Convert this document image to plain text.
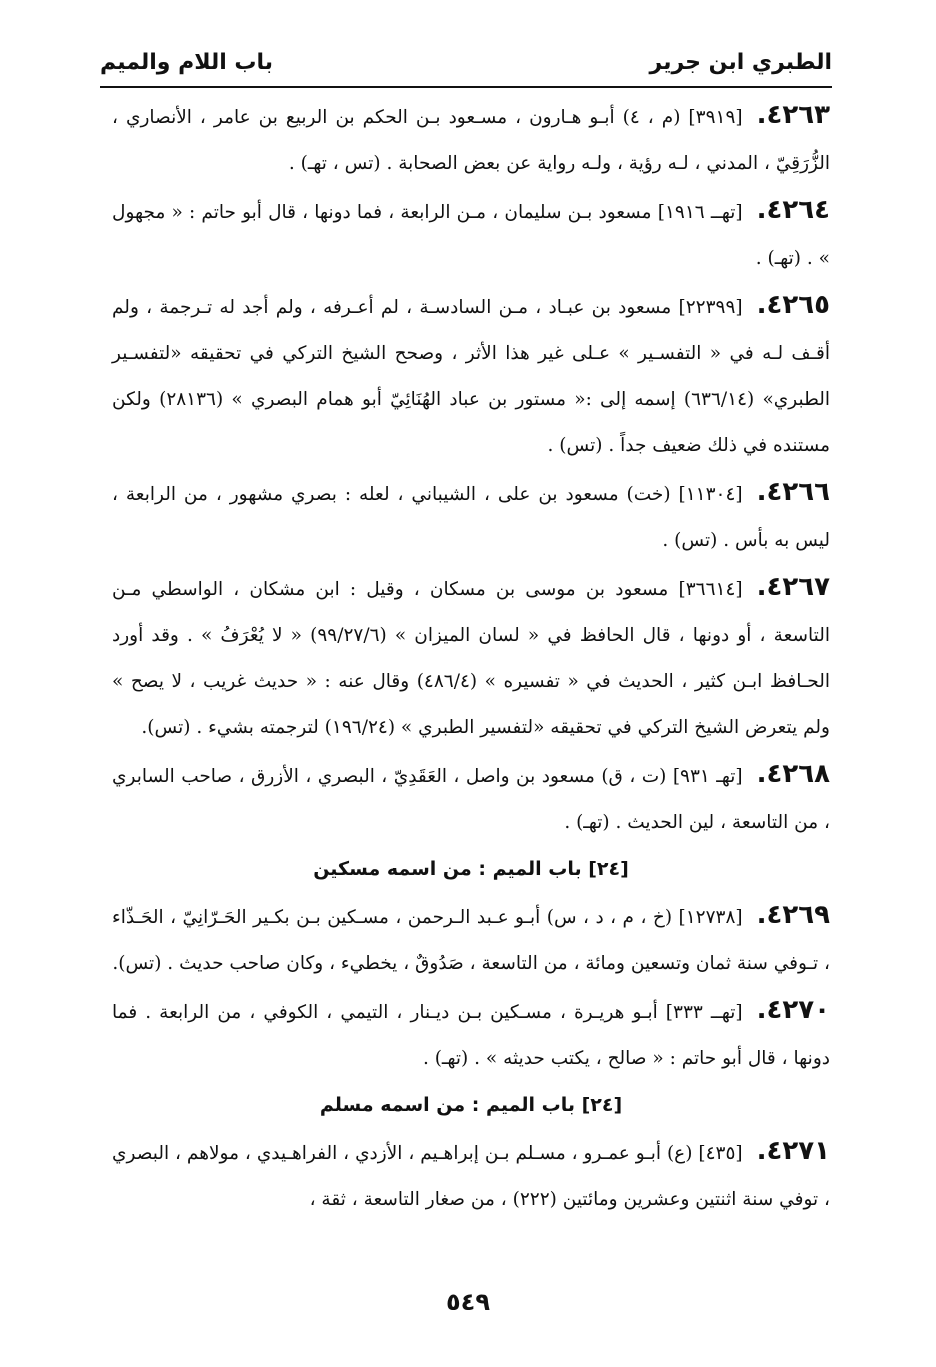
الطبري ابن جرير
باب اللام والميم

٤٢٦٣.[٣٩١٩] (م ، ٤) أبـو هـارون ، مسـعود بـن الحكم بن الربيع بن عامر ، الأنصاري ، الزُّرَقِيّ ، المدني ، لـه رؤية ، ولـه رواية عن بعض الصحابة . (تس ، تهـ) .

٤٢٦٤.[تهــ ١٩١٦] مسعود بـن سليمان ، مـن الرابعة ، فما دونها ، قال أبو حاتم : « مجهول » . (تهـ) .

٤٢٦٥.[٢٢٣٩٩] مسعود بن عبـاد ، مـن السادسـة ، لم أعـرفه ، ولم أجد له تـرجمة ، ولم أقـف لـه في « التفسـير » عـلى غير هذا الأثر ، وصحح الشيخ التركي في تحقيقه «لتفسـير الطبري» (٦٣٦/١٤) إسمه إلى :« مستور بن عباد الهُنَائِيّ أبو همام البصري » (٢٨١٣٦) ولكن مستنده في ذلك ضعيف جداً . (تس) .

٤٢٦٦.[١١٣٠٤] (خت) مسعود بن على ، الشيباني ، لعله : بصري مشهور ، من الرابعة ، ليس به بأس . (تس) .

٤٢٦٧.[٣٦٦١٤] مسعود بن موسى بن مسكان ، وقيل : ابن مشكان ، الواسطي مـن التاسعة ، أو دونها ، قال الحافظ في « لسان الميزان » (٩٩/٢٧/٦) « لا يُعْرَفُ » . وقد أورد الحـافظ ابـن كثير ، الحديث في « تفسيره » (٤٨٦/٤) وقال عنه : « حديث غريب ، لا يصح » ولم يتعرض الشيخ التركي في تحقيقه «لتفسير الطبري » (١٩٦/٢٤) لترجمته بشيء . (تس).

٤٢٦٨.[تهـ ٩٣١] (ت ، ق) مسعود بن واصل ، العَقَدِيّ ، البصري ، الأزرق ، صاحب السابري ، من التاسعة ، لين الحديث . (تهـ) .

[٢٤] باب الميم : من اسمه مسكين

٤٢٦٩.[١٢٧٣٨] (خ ، م ، د ، س) أبـو عـبد الـرحمن ، مسـكين بـن بكـير الحَـرّانِيّ ، الحَـذّاء ، تـوفي سنة ثمان وتسعين ومائة ، من التاسعة ، صَدُوقٌ ، يخطيء ، وكان صاحب حديث . (تس).

٤٢٧٠.[تهــ ٣٣٣] أبـو هريـرة ، مسـكين بـن ديـنار ، التيمي ، الكوفي ، من الرابعة . فما دونها ، قال أبو حاتم : « صالح ، يكتب حديثه » . (تهـ) .

[٢٤] باب الميم : من اسمه مسلم

٤٢٧١.[٤٣٥] (ع) أبـو عمـرو ، مسـلم بـن إبراهـيم ، الأزدي ، الفراهـيدي ، مولاهم ، البصري ، توفي سنة اثنتين وعشرين ومائتين (٢٢٢) ، من صغار التاسعة ، ثقة ،

٥٤٩
